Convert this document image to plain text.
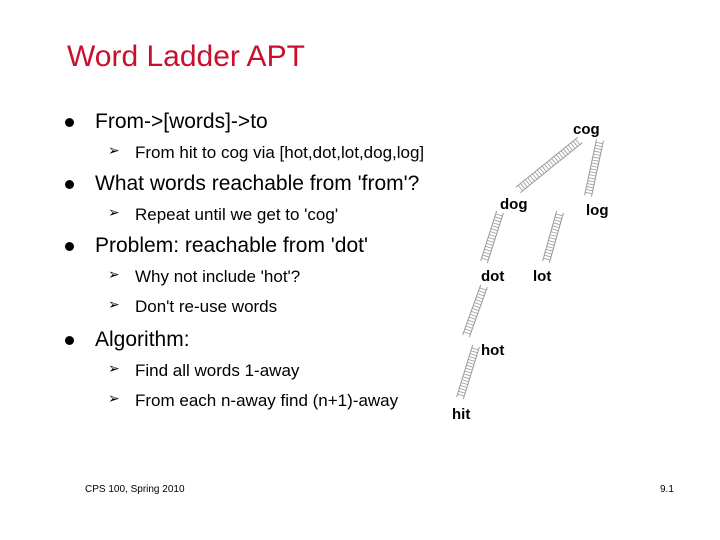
Word Ladder APT
From->[words]->to
➢ From hit to cog via [hot,dot,lot,dog,log]
What words reachable from 'from'?
➢ Repeat until we get to 'cog'
Problem: reachable from 'dot'
➢ Why not include 'hot'?
➢ Don't re-use words
Algorithm:
➢ Find all words 1-away
➢ From each n-away find (n+1)-away
cog
dog	log
dot lot
hot
hit
CPS 100, Spring 2010	9.1
